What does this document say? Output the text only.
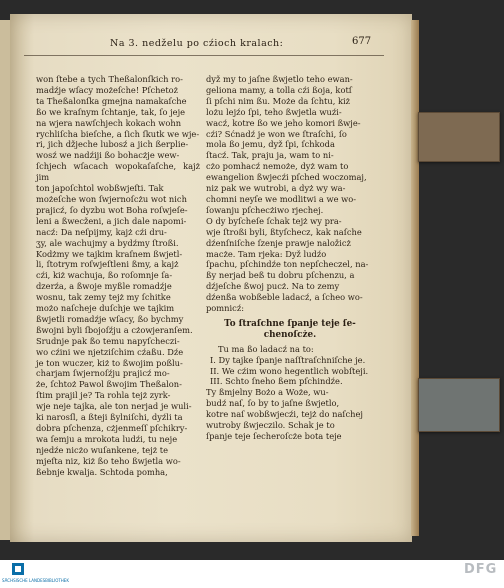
Na 3. nedželu po cźioch kralach:	677

won ſtebe a tych Theßalonſkich ro-

madźje wſacy możeſche! Pſchetoż

ta Theßalonſka gmejna namakaſche

ßo we kraſnym ſchtanje, tak, ſo jeje

na wjera nawſchjech kokach wohn

rychliſcha bieſche, a ſich ſkutk we wje-

ri, jich džjeche lubosź a jich ßerplie-

wosź we nadźiji ßo bohacżje wew-

ſchjech wſacach wopokaſaſche, kajż jim

ton japoſchtol wobßwjeſti. Tak

możeſche won ſwjernoſcżu wot nich

prajicź, ſo dyzbu wot Boha roſwjeſe-

leni a ßwecženi, a jich dale napomi-

nacź: Da neſpijmy, kajż cźi dru-

ʒy, ale wachujmy a bydźmy ſtroßi.

Kodżmy we tajkim kraſnem ßwjetl-

li, ſtotrym roſwjeſtleni ßmy, a kajż

cźi, kiż wachuja, ßo roſomnje ſa-

dzerźa, a ßwoje myßle romadźje

wosnu, tak zemy tejż my ſchitke

możo naſcheje duſchje we tajkim

ßwjetli romadźje wſacy, ßo bychmy

ßwojni byli ſbojoſźju a cżowjeranſem.

Srudnje pak ßo temu napyſcheczi-

wo cźini we njetziſchim cźaßu. Dźe

je ton wuczer, kiż to ßwojim poßlu-

charjam ſwjernoſźju prajicź mo-

że, ſchtoż Pawol ßwojim Theßalon-

ſtim prajil je? Ta rohla tejż zyrk-

wje neje tajka, ale ton nerjad je wuli-

ki narosſl, a ßteji ßylniſchi, dyźli ta

dobra pſchenza, cżjenmeſſ pſchikry-

wa ſemju a mrokota ludźi, tu neje

njedźe nicżo wuſankene, tejż te

mjeſta niz, kiż ßo teho ßwjetla wo-

ßebnje kwalja. Schtoda pomha,

dyž my to jaſne ßwjetlo teho ewan-

geliona mamy, a tolla cźi ßoja, kotſ

ſi pſchi nim ßu. Może da ſchtu, kiż

lożu lejźo ſpi, teho ßwjetla wuźi-

wacź, kotre ßo we jeho komori ßwje-

cźi? Sćnadź je won we ſtraſchi, ſo

mola ßo jemu, dyž ſpi, ſchkoda

ſtacź. Tak, praju ja, wam to ni-

cżo pomhacź nemoże, dyż wam to

ewangelion ßwjecźi pſched woczomaj,

niz pak we wutrobi, a dyż wy wa-

chomni neyſe we modlitwi a we wo-

ſowanju pſchecżiwo rjechej.

O dy byſcheſe ſchak tejż wy pra-

wje ſtroßi byli, ßtyſchecz, kak naſche

dźenſniſche ſzenje prawje naložicż

macże. Tam rjeka: Dyž ludźo

ſpachu, pſchindźe ton nepſcheczel, na-

ßy nerjad beß tu dobru pſchenzu, a

dźjeſche ßwoj pucż. Na to zemy

dźenßa wobßeble ladacź, a ſcheo wo-

pomnicź:

To ſtraſchne ſpanje teje ſe-chenoſcże.

Tu ma ßo ladacź na to:

I. Dy tajke ſpanje naſſtraſchniſche je.

II. We cźim wono hegentlich wobſteji.

III. Schto ſneho ßem pſchindźe.

Ty ßmjelny Bożo a Woże, wu-

budź naſ, ſo by to jaſne ßwjetlo,

kotre naſ wobßwjecźi, tejż do naſchej

wutroby ßwjeczilo. Schak je to

ſpanje teje ſecheroſcże bota teje

SÄCHSISCHE LANDESBIBLIOTHEK
DFG
